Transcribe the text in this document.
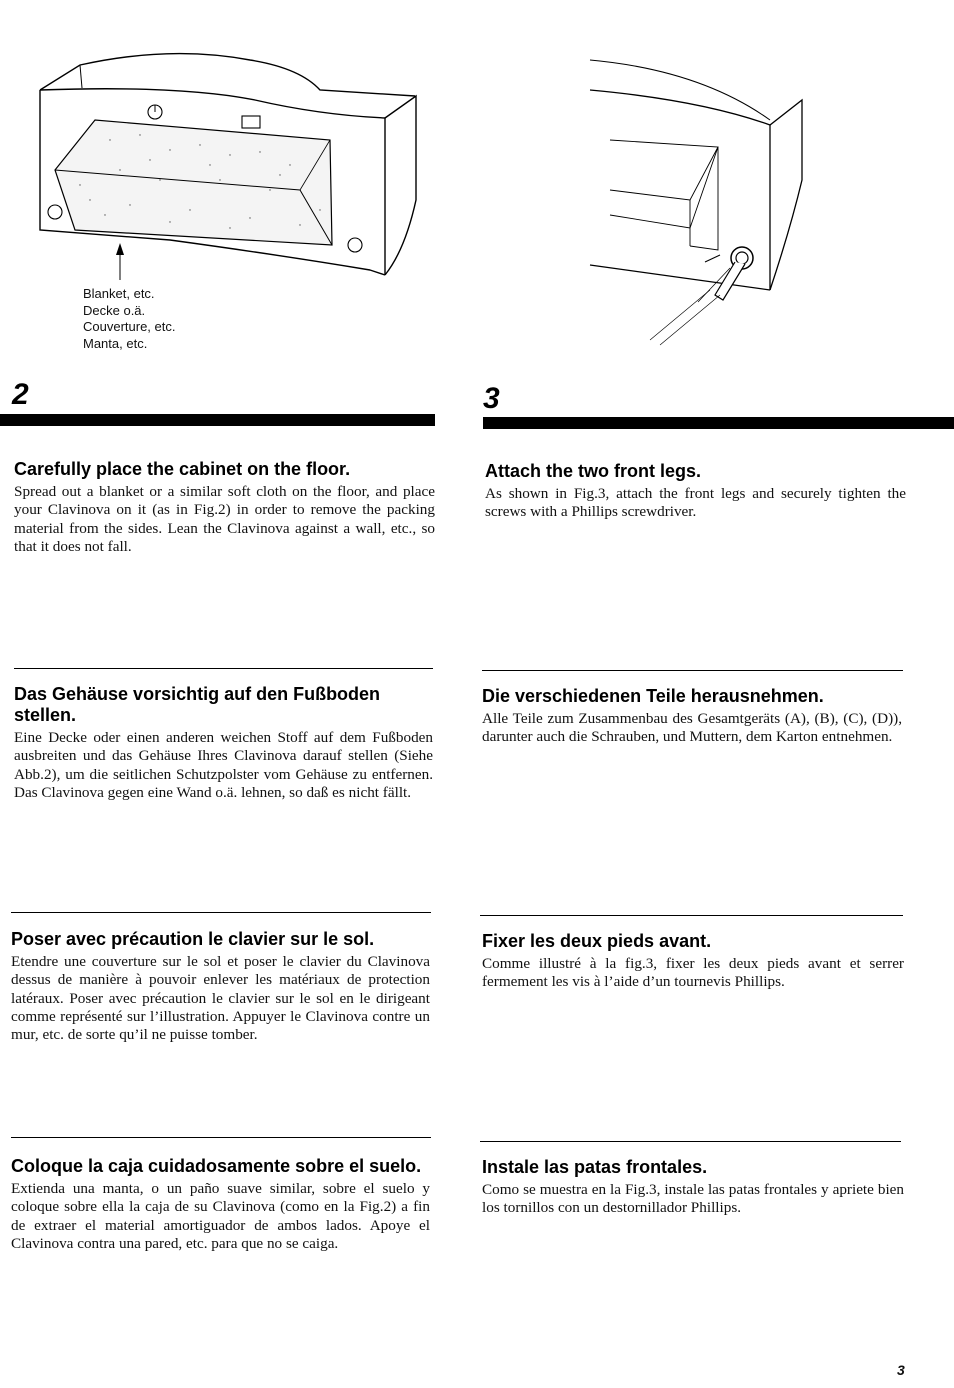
Blanket, etc.
Decke o.ä.
Couverture, etc.
Manta, etc.
2	3
Carefully place the cabinet on the floor.

Spread out a blanket or a similar soft cloth on the floor, and place your Clavinova on it (as in Fig.2) in order to remove the packing material from the sides. Lean the Clavinova against a wall, etc., so that it does not fall.

Das Gehäuse vorsichtig auf den Fußboden stellen.

Eine Decke oder einen anderen weichen Stoff auf dem Fußboden ausbreiten und das Gehäuse Ihres Clavinova darauf stellen (Siehe Abb.2), um die seitlichen Schutzpolster vom Gehäuse zu entfernen. Das Clavinova gegen eine Wand o.ä. lehnen, so daß es nicht fällt.

Poser avec précaution le clavier sur le sol.

Etendre une couverture sur le sol et poser le clavier du Clavinova dessus de manière à pouvoir enlever les matériaux de protection latéraux. Poser avec précaution le clavier sur le sol en le dirigeant comme représenté sur l’illustration. Appuyer le Clavinova contre un mur, etc. de sorte qu’il ne puisse tomber.

Coloque la caja cuidadosamente sobre el suelo.

Extienda una manta, o un paño suave similar, sobre el suelo y coloque sobre ella la caja de su Clavinova (como en la Fig.2) a fin de extraer el material amortiguador de ambos lados. Apoye el Clavinova contra una pared, etc. para que no se caiga.

Attach the two front legs.

As shown in Fig.3, attach the front legs and securely tighten the screws with a Phillips screwdriver.

Die verschiedenen Teile herausnehmen.

Alle Teile zum Zusammenbau des Gesamtgeräts (A), (B), (C), (D)), darunter auch die Schrauben, und Muttern, dem Karton entnehmen.

Fixer les deux pieds avant.

Comme illustré à la fig.3, fixer les deux pieds avant et serrer fermement les vis à l’aide d’un tournevis Phillips.

Instale las patas frontales.

Como se muestra en la Fig.3, instale las patas frontales y apriete bien los tornillos con un destornillador Phillips.

3
